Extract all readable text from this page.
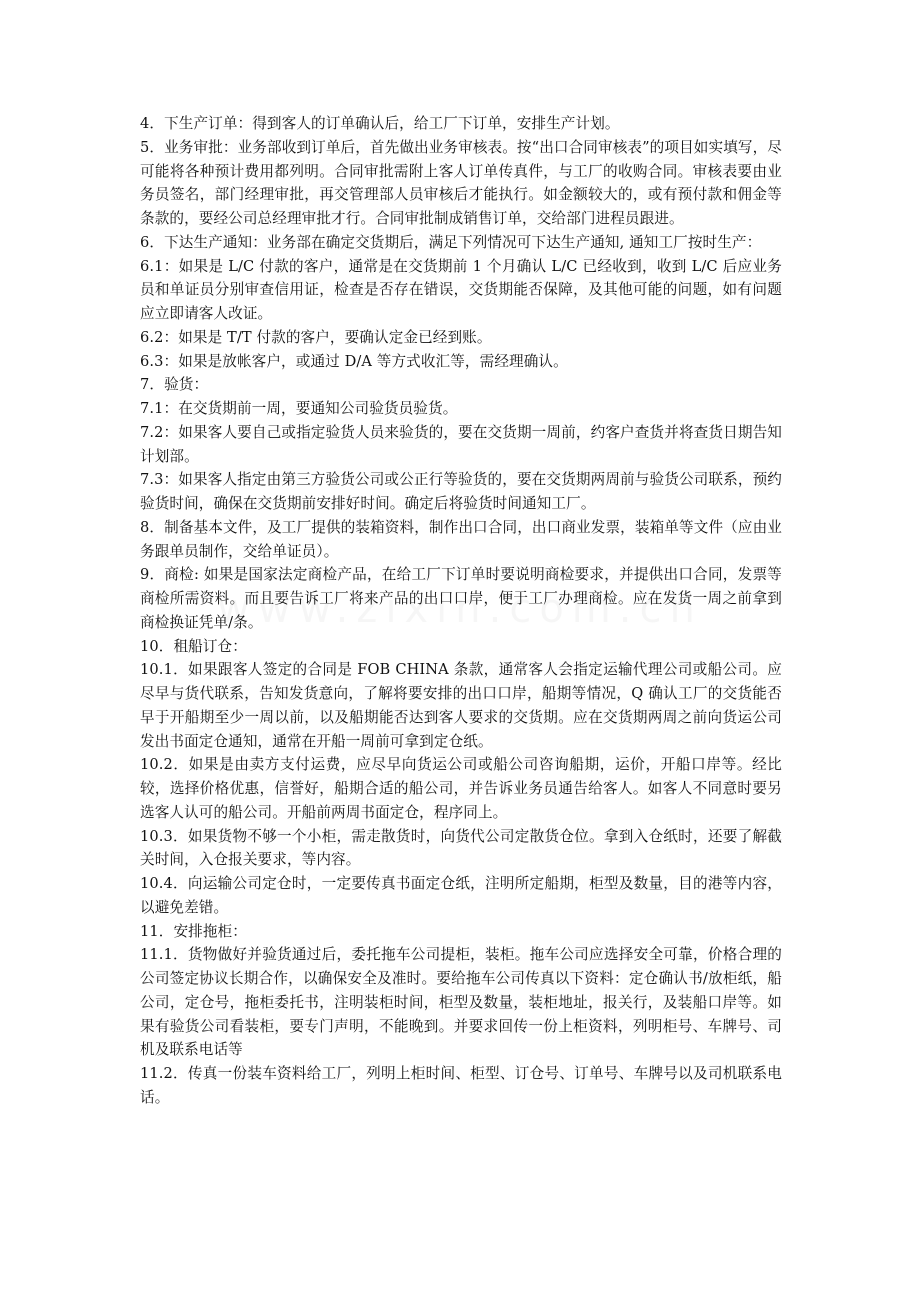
4．下生产订单：得到客人的订单确认后，给工厂下订单，安排生产计划。

5．业务审批：业务部收到订单后，首先做出业务审核表。按“出口合同审核表”的项目如实填写，尽可能将各种预计费用都列明。合同审批需附上客人订单传真件，与工厂的收购合同。审核表要由业务员签名，部门经理审批，再交管理部人员审核后才能执行。如金额较大的，或有预付款和佣金等条款的，要经公司总经理审批才行。合同审批制成销售订单，交给部门进程员跟进。

6．下达生产通知：业务部在确定交货期后，满足下列情况可下达生产通知, 通知工厂按时生产：

6.1：如果是 L/C 付款的客户，通常是在交货期前 1 个月确认 L/C 已经收到，收到 L/C 后应业务员和单证员分别审查信用证，检查是否存在错误，交货期能否保障，及其他可能的问题，如有问题应立即请客人改证。

6.2：如果是 T/T 付款的客户，要确认定金已经到账。

6.3：如果是放帐客户，或通过 D/A 等方式收汇等，需经理确认。

7．验货：

7.1：在交货期前一周，要通知公司验货员验货。

7.2：如果客人要自己或指定验货人员来验货的，要在交货期一周前，约客户查货并将查货日期告知计划部。

7.3：如果客人指定由第三方验货公司或公正行等验货的，要在交货期两周前与验货公司联系，预约验货时间，确保在交货期前安排好时间。确定后将验货时间通知工厂。

8．制备基本文件，及工厂提供的装箱资料，制作出口合同，出口商业发票，装箱单等文件（应由业务跟单员制作，交给单证员）。

9．商检: 如果是国家法定商检产品，在给工厂下订单时要说明商检要求，并提供出口合同，发票等商检所需资料。而且要告诉工厂将来产品的出口口岸，便于工厂办理商检。应在发货一周之前拿到商检换证凭单/条。

10．租船订仓：

10.1．如果跟客人签定的合同是 FOB CHINA 条款，通常客人会指定运输代理公司或船公司。应尽早与货代联系，告知发货意向，了解将要安排的出口口岸，船期等情况，Q 确认工厂的交货能否早于开船期至少一周以前，以及船期能否达到客人要求的交货期。应在交货期两周之前向货运公司发出书面定仓通知，通常在开船一周前可拿到定仓纸。

10.2．如果是由卖方支付运费，应尽早向货运公司或船公司咨询船期，运价，开船口岸等。经比较，选择价格优惠，信誉好，船期合适的船公司，并告诉业务员通告给客人。如客人不同意时要另选客人认可的船公司。开船前两周书面定仓，程序同上。

10.3．如果货物不够一个小柜，需走散货时，向货代公司定散货仓位。拿到入仓纸时，还要了解截关时间，入仓报关要求，等内容。

10.4．向运输公司定仓时，一定要传真书面定仓纸，注明所定船期，柜型及数量，目的港等内容，以避免差错。

11．安排拖柜：

11.1．货物做好并验货通过后，委托拖车公司提柜，装柜。拖车公司应选择安全可靠，价格合理的公司签定协议长期合作，以确保安全及准时。要给拖车公司传真以下资料：定仓确认书/放柜纸，船公司，定仓号，拖柜委托书，注明装柜时间，柜型及数量，装柜地址，报关行，及装船口岸等。如果有验货公司看装柜，要专门声明，不能晚到。并要求回传一份上柜资料，列明柜号、车牌号、司机及联系电话等

11.2．传真一份装车资料给工厂，列明上柜时间、柜型、订仓号、订单号、车牌号以及司机联系电话。
